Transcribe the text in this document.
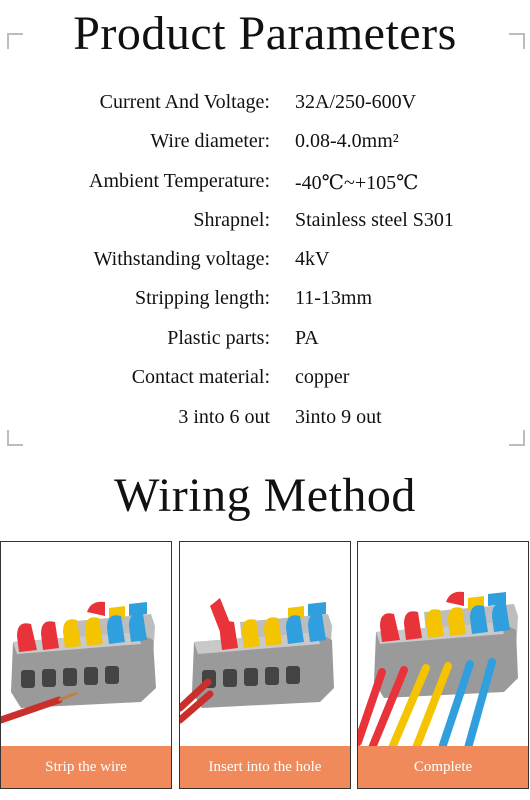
Product Parameters
Current And Voltage: 32A/250-600V
Wire diameter: 0.08-4.0mm²
Ambient Temperature: -40℃~+105℃
Shrapnel: Stainless steel S301
Withstanding voltage: 4kV
Stripping length: 11-13mm
Plastic parts: PA
Contact material: copper
3 into 6 out 3into 9 out
Wiring Method
Strip the wire	Insert into the hole	Complete
